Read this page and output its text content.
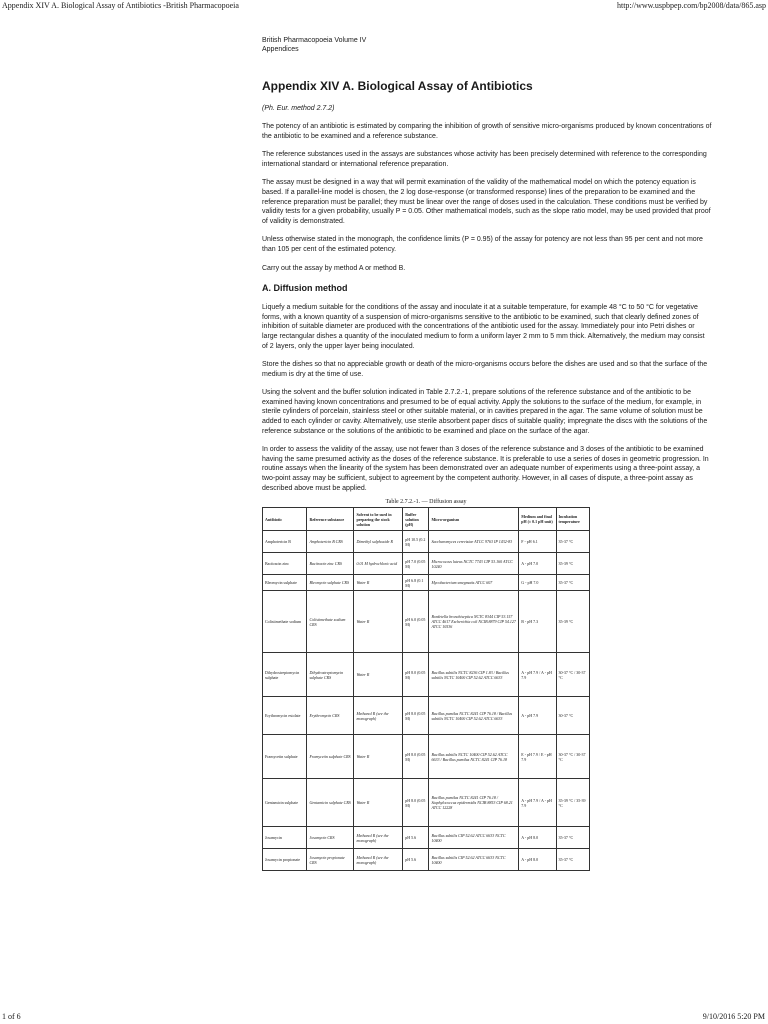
Appendix XIV A. Biological Assay of Antibiotics -British Pharmacopoeia	http://www.uspbpep.com/bp2008/data/865.asp
British Pharmacopoeia Volume IV
Appendices
Appendix XIV A. Biological Assay of Antibiotics
(Ph. Eur. method 2.7.2)

The potency of an antibiotic is estimated by comparing the inhibition of growth of sensitive micro-organisms produced by known concentrations of the antibiotic to be examined and a reference substance.

The reference substances used in the assays are substances whose activity has been precisely determined with reference to the corresponding international standard or international reference preparation.

The assay must be designed in a way that will permit examination of the validity of the mathematical model on which the potency equation is based. If a parallel-line model is chosen, the 2 log dose-response (or transformed response) lines of the preparation to be examined and the reference preparation must be parallel; they must be linear over the range of doses used in the calculation. These conditions must be verified by validity tests for a given probability, usually P = 0.05. Other mathematical models, such as the slope ratio model, may be used provided that proof of validity is demonstrated.

Unless otherwise stated in the monograph, the confidence limits (P = 0.95) of the assay for potency are not less than 95 per cent and not more than 105 per cent of the estimated potency.

Carry out the assay by method A or method B.

A. Diffusion method

Liquefy a medium suitable for the conditions of the assay and inoculate it at a suitable temperature, for example 48 °C to 50 °C for vegetative forms, with a known quantity of a suspension of micro-organisms sensitive to the antibiotic to be examined, such that clearly defined zones of inhibition of suitable diameter are produced with the concentrations of the antibiotic used for the assay. Immediately pour into Petri dishes or large rectangular dishes a quantity of the inoculated medium to form a uniform layer 2 mm to 5 mm thick. Alternatively, the medium may consist of 2 layers, only the upper layer being inoculated.

Store the dishes so that no appreciable growth or death of the micro-organisms occurs before the dishes are used and so that the surface of the medium is dry at the time of use.

Using the solvent and the buffer solution indicated in Table 2.7.2.-1, prepare solutions of the reference substance and of the antibiotic to be examined having known concentrations and presumed to be of equal activity. Apply the solutions to the surface of the medium, for example, in sterile cylinders of porcelain, stainless steel or other suitable material, or in cavities prepared in the agar. The same volume of solution must be added to each cylinder or cavity. Alternatively, use sterile absorbent paper discs of suitable quality; impregnate the discs with the solutions of the reference substance or the solutions of the antibiotic to be examined and place on the surface of the agar.

In order to assess the validity of the assay, use not fewer than 3 doses of the reference substance and 3 doses of the antibiotic to be examined having the same presumed activity as the doses of the reference substance. It is preferable to use a series of doses in geometric progression. In routine assays when the linearity of the system has been demonstrated over an adequate number of experiments using a three-point assay, a two-point assay may be sufficient, subject to agreement by the competent authority. However, in all cases of dispute, a three-point assay as described above must be applied.

Table 2.7.2.-1. — Diffusion assay
Antibiotic	Reference substance	Solvent to be used in preparing the stock solution	Buffer solution (pH)	Micro-organism	Medium and final pH (± 0.1 pH unit)	Incubation temperature
Amphotericin B	Amphotericin B CRS	Dimethyl sulphoxide R	pH 10.5 (0.2 M)	Saccharomyces cerevisiae ATCC 9763 IP 1432-83	F - pH 6.1	35-37 °C
Bacitracin zinc	Bacitracin zinc CRS	0.01 M hydrochloric acid	pH 7.0 (0.05 M)	Micrococcus luteus NCTC 7743 CIP 53.160 ATCC 10240	A - pH 7.0	35-39 °C
Bleomycin sulphate	Bleomycin sulphate CRS	Water R	pH 6.8 (0.1 M)	Mycobacterium smegmatis ATCC 607	G - pH 7.0	35-37 °C
Colistimethate sodium	Colistimethate sodium CRS	Water R	pH 6.0 (0.05 M)	Bordetella bronchiseptica NCTC 8344 CIP 53.157 ATCC 4617 Escherichia coli NCIB 8879 CIP 54.127 ATCC 10536	B - pH 7.3	35-39 °C
Dihydrostreptomycin sulphate	Dihydrostreptomycin sulphate CRS	Water R	pH 8.0 (0.05 M)	Bacillus subtilis NCTC 8236 CIP 1.83 / Bacillus subtilis NCTC 10400 CIP 52.62 ATCC 6633	A - pH 7.9 / A - pH 7.9	30-37 °C / 30-37 °C
Erythromycin estolate	Erythromycin CRS	Methanol R (see the monograph)	pH 8.0 (0.05 M)	Bacillus pumilus NCTC 8241 CIP 76.18 / Bacillus subtilis NCTC 10400 CIP 52.62 ATCC 6633	A - pH 7.9	30-37 °C
Framycetin sulphate	Framycetin sulphate CRS	Water R	pH 8.0 (0.05 M)	Bacillus subtilis NCTC 10400 CIP 52.62 ATCC 6633 / Bacillus pumilus NCTC 8241 CIP 76.18	E - pH 7.9 / E - pH 7.9	30-37 °C / 30-37 °C
Gentamicin sulphate	Gentamicin sulphate CRS	Water R	pH 8.0 (0.05 M)	Bacillus pumilus NCTC 8241 CIP 76.18 / Staphylococcus epidermidis NCIB 8853 CIP 68.21 ATCC 12228	A - pH 7.9 / A - pH 7.9	35-39 °C / 35-39 °C
Josamycin	Josamycin CRS	Methanol R (see the monograph)	pH 5.6	Bacillus subtilis CIP 52.62 ATCC 6633 NCTC 10400	A - pH 8.0	35-37 °C
Josamycin propionate	Josamycin propionate CRS	Methanol R (see the monograph)	pH 5.6	Bacillus subtilis CIP 52.62 ATCC 6633 NCTC 10400	A - pH 8.0	35-37 °C
1 of 6	9/10/2016 5:20 PM
